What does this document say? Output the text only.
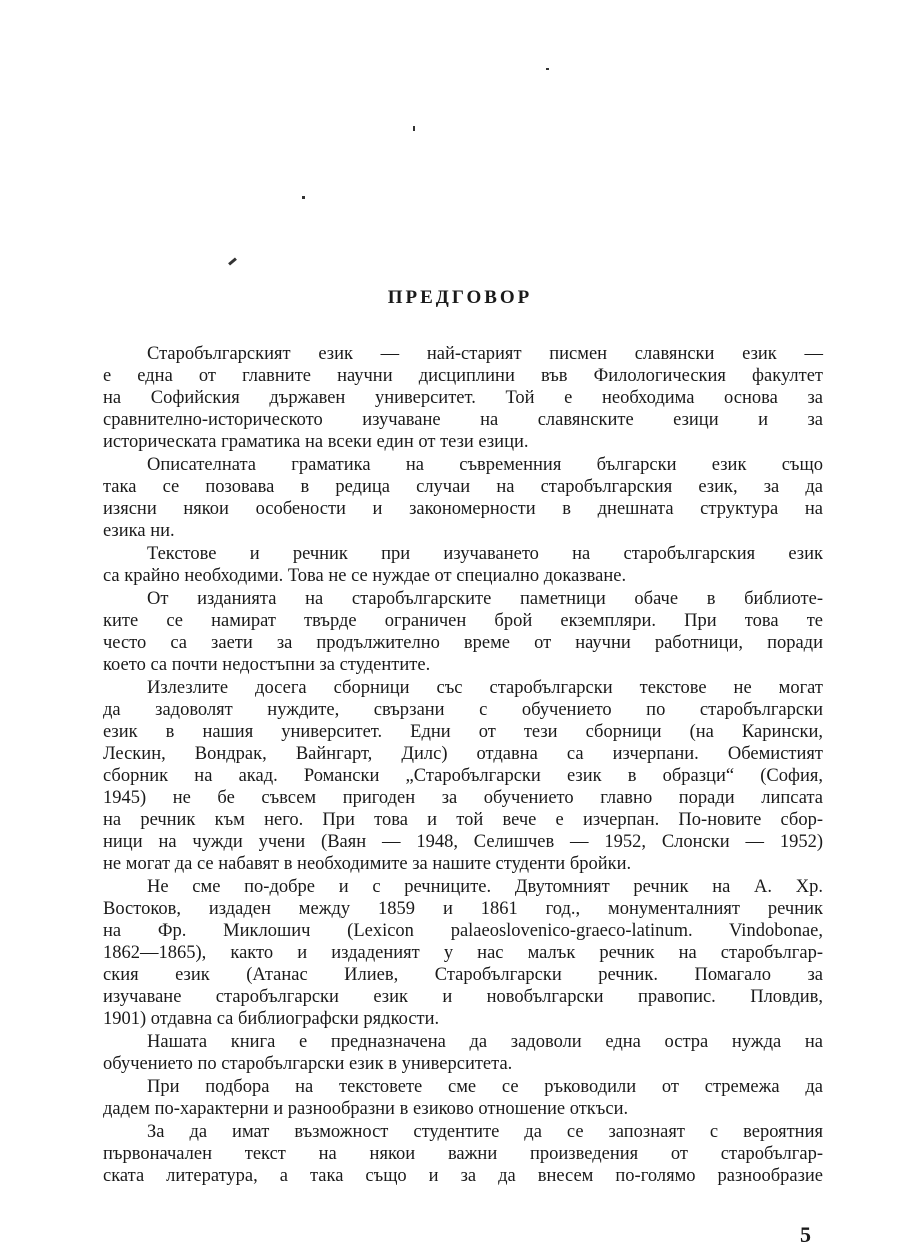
ПРЕДГОВОР
Старобългарският език — най-старият писмен славянски език —
е една от главните научни дисциплини във Филологическия факултет
на Софийския държавен университет. Той е необходима основа за
сравнително-историческото изучаване на славянските езици и за
историческата граматика на всеки един от тези езици.
Описателната граматика на съвременния български език също
така се позовава в редица случаи на старобългарския език, за да
изясни някои особености и закономерности в днешната структура на
езика ни.
Текстове и речник при изучаването на старобългарския език
са крайно необходими. Това не се нуждае от специално доказване.
От изданията на старобългарските паметници обаче в библиоте-
ките се намират твърде ограничен брой екземпляри. При това те
често са заети за продължително време от научни работници, поради
което са почти недостъпни за студентите.
Излезлите досега сборници със старобългарски текстове не могат
да задоволят нуждите, свързани с обучението по старобългарски
език в нашия университет. Едни от тези сборници (на Карински,
Лескин, Вондрак, Вайнгарт, Дилс) отдавна са изчерпани. Обемистият
сборник на акад. Романски „Старобългарски език в образци“ (София,
1945) не бе съвсем пригоден за обучението главно поради липсата
на речник към него. При това и той вече е изчерпан. По-новите сбор-
ници на чужди учени (Ваян — 1948, Селишчев — 1952, Слонски — 1952)
не могат да се набавят в необходимите за нашите студенти бройки.
Не сме по-добре и с речниците. Двутомният речник на А. Хр.
Востоков, издаден между 1859 и 1861 год., монументалният речник
на Фр. Миклошич (Lexicon palaeoslovenico-graeco-latinum. Vindobonae,
1862—1865), както и издаденият у нас малък речник на старобългар-
ския език (Атанас Илиев, Старобългарски речник. Помагало за
изучаване старобългарски език и новобългарски правопис. Пловдив,
1901) отдавна са библиографски рядкости.
Нашата книга е предназначена да задоволи една остра нужда на
обучението по старобългарски език в университета.
При подбора на текстовете сме се ръководили от стремежа да
дадем по-характерни и разнообразни в езиково отношение откъси.
За да имат възможност студентите да се запознаят с вероятния
първоначален текст на някои важни произведения от старобългар-
ската литература, а така също и за да внесем по-голямо разнообразие
5
